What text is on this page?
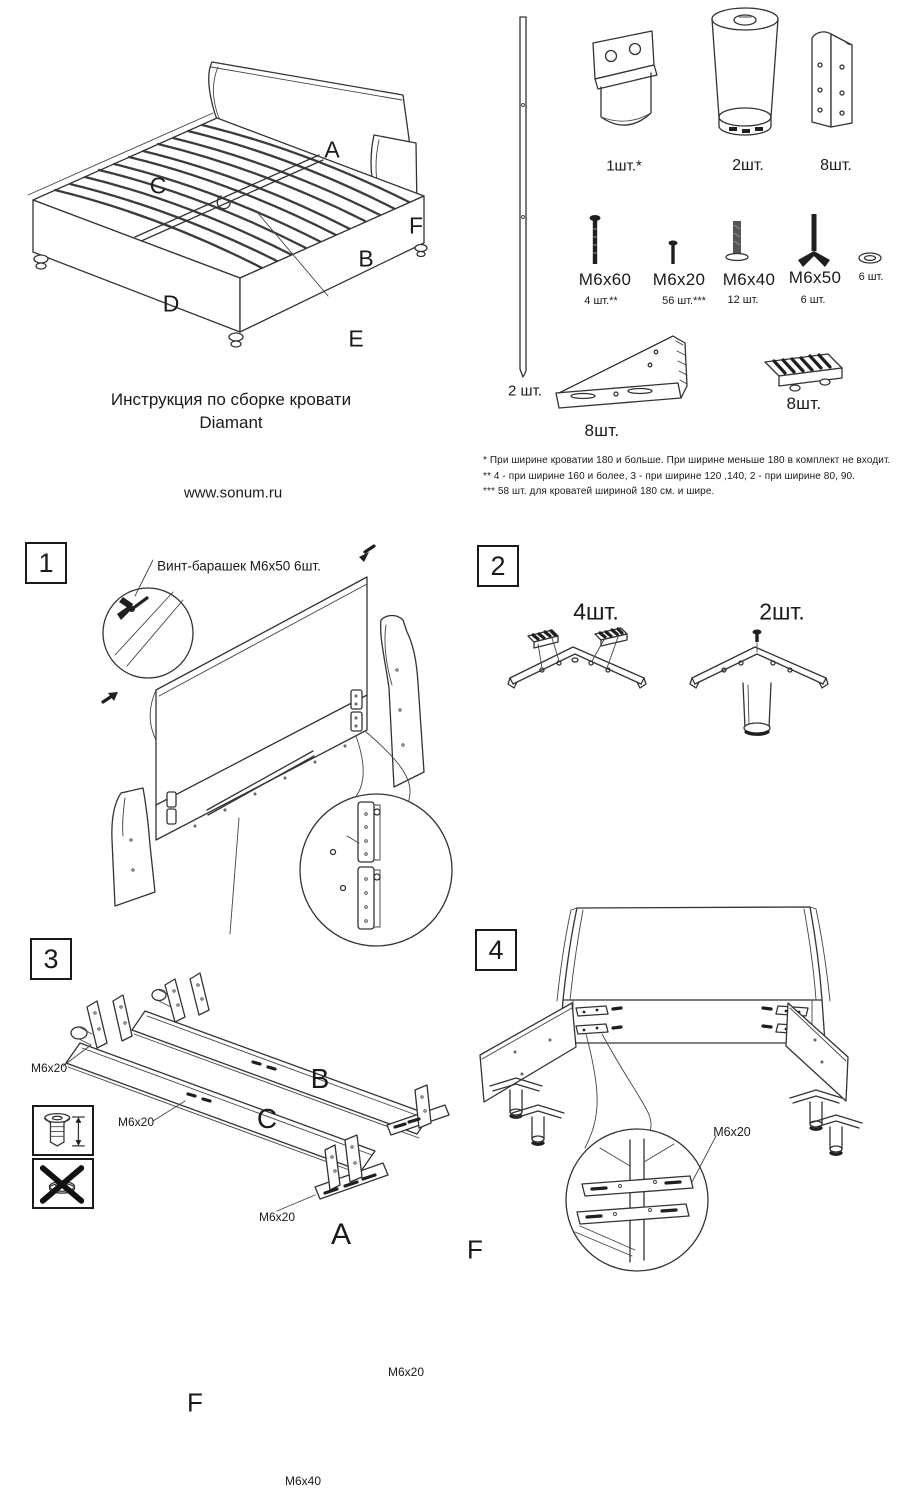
A
C
F
B
D
E
Инструкция по сборке кровати
Diamant
www.sonum.ru
1шт.*	2шт.	8шт.
M6x60
4 шт.**
M6x20
56 шт.***
M6x40
12 шт.
M6x50
6 шт.
6 шт.
2 шт.
8шт.
8шт.
* При ширине кроватии 180 и больше. При ширине меньше 180 в комплект не входит.
** 4 - при ширине 160 и более, 3 - при ширине 120 ,140, 2 - при ширине 80, 90.
*** 58 шт. для кроватей шириной 180 см. и шире.
1	Винт-барашек М6х50 6шт.
A	F
F
M6x20
M6x40
2
4шт.	2шт.
3
B
C
M6x20
M6x20
M6x20
4
M6x20
